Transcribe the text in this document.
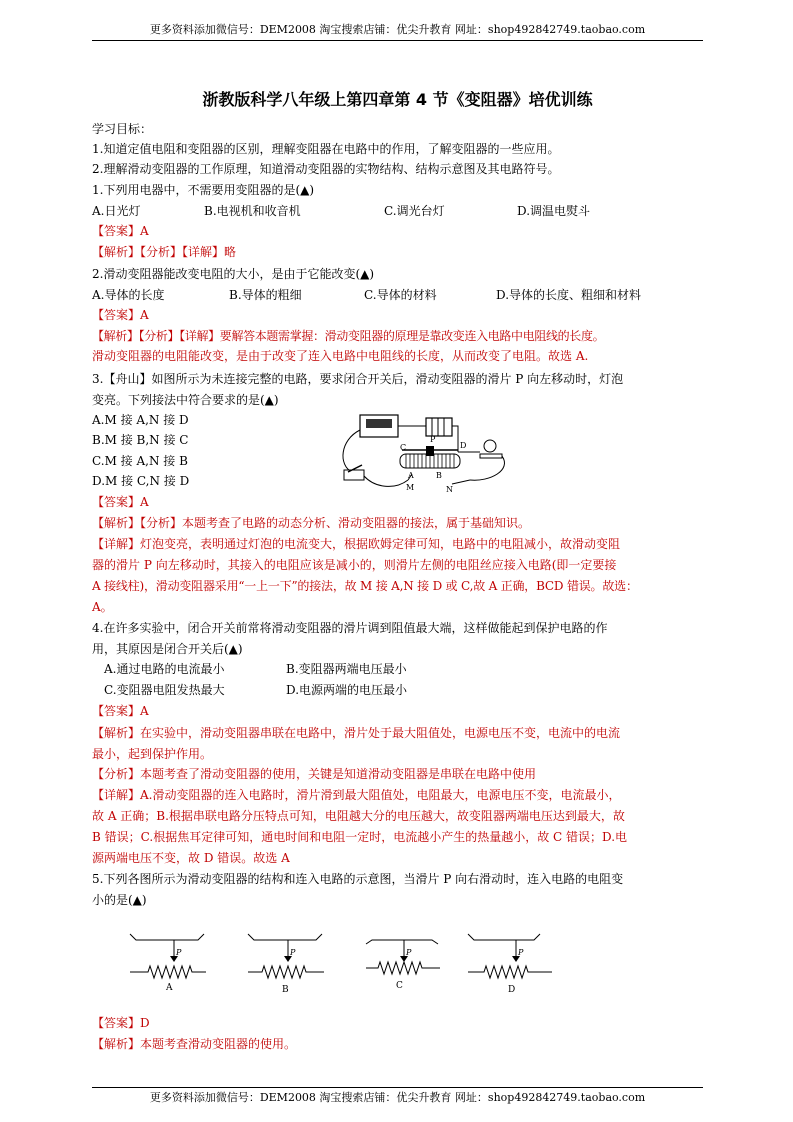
更多资料添加微信号：DEM2008 淘宝搜索店铺：优尖升教育 网址：shop492842749.taobao.com
浙教版科学八年级上第四章第 4 节《变阻器》培优训练
学习目标：
1.知道定值电阻和变阻器的区别，理解变阻器在电路中的作用，了解变阻器的一些应用。
2.理解滑动变阻器的工作原理，知道滑动变阻器的实物结构、结构示意图及其电路符号。
1.下列用电器中，不需要用变阻器的是(▲)
A.日光灯	B.电视机和收音机	C.调光台灯	D.调温电熨斗
【答案】A
【解析】【分析】【详解】略
2.滑动变阻器能改变电阻的大小，是由于它能改变(▲)
A.导体的长度	B.导体的粗细	C.导体的材料	D.导体的长度、粗细和材料
【答案】A
【解析】【分析】【详解】要解答本题需掌握：滑动变阻器的原理是靠改变连入电路中电阻线的长度。
滑动变阻器的电阻能改变，是由于改变了连入电路中电阻线的长度，从而改变了电阻。故选 A.
3.【舟山】如图所示为未连接完整的电路，要求闭合开关后，滑动变阻器的滑片 P 向左移动时，灯泡
变亮。下列接法中符合要求的是(▲)
A.M 接 A,N 接 D
B.M 接 B,N 接 C
C.M 接 A,N 接 B
D.M 接 C,N 接 D
C
P
D
A	B
M	N
【答案】A
【解析】【分析】本题考查了电路的动态分析、滑动变阻器的接法，属于基础知识。
【详解】灯泡变亮，表明通过灯泡的电流变大，根据欧姆定律可知，电路中的电阻减小，故滑动变阻
器的滑片 P 向左移动时，其接入的电阻应该是减小的，则滑片左侧的电阻丝应接入电路(即一定要接
A 接线柱)，滑动变阻器采用“一上一下”的接法，故 M 接 A,N 接 D 或 C,故 A 正确，BCD 错误。故选：
A。
4.在许多实验中，闭合开关前常将滑动变阻器的滑片调到阻值最大端，这样做能起到保护电路的作
用，其原因是闭合开关后(▲)
A.通过电路的电流最小	B.变阻器两端电压最小
C.变阻器电阻发热最大	D.电源两端的电压最小
【答案】A
【解析】在实验中，滑动变阻器串联在电路中，滑片处于最大阻值处，电源电压不变，电流中的电流
最小，起到保护作用。
【分析】本题考查了滑动变阻器的使用，关键是知道滑动变阻器是串联在电路中使用
【详解】A.滑动变阻器的连入电路时，滑片滑到最大阻值处，电阻最大，电源电压不变，电流最小，
故 A 正确；B.根据串联电路分压特点可知，电阻越大分的电压越大，故变阻器两端电压达到最大，故
B 错误；C.根据焦耳定律可知，通电时间和电阻一定时，电流越小产生的热量越小，故 C 错误；D.电
源两端电压不变，故 D 错误。故选 A
5.下列各图所示为滑动变阻器的结构和连入电路的示意图，当滑片 P 向右滑动时，连入电路的电阻变
小的是(▲)
P
A
P
B
P
C
P
D
【答案】D
【解析】本题考查滑动变阻器的使用。
更多资料添加微信号：DEM2008 淘宝搜索店铺：优尖升教育 网址：shop492842749.taobao.com
